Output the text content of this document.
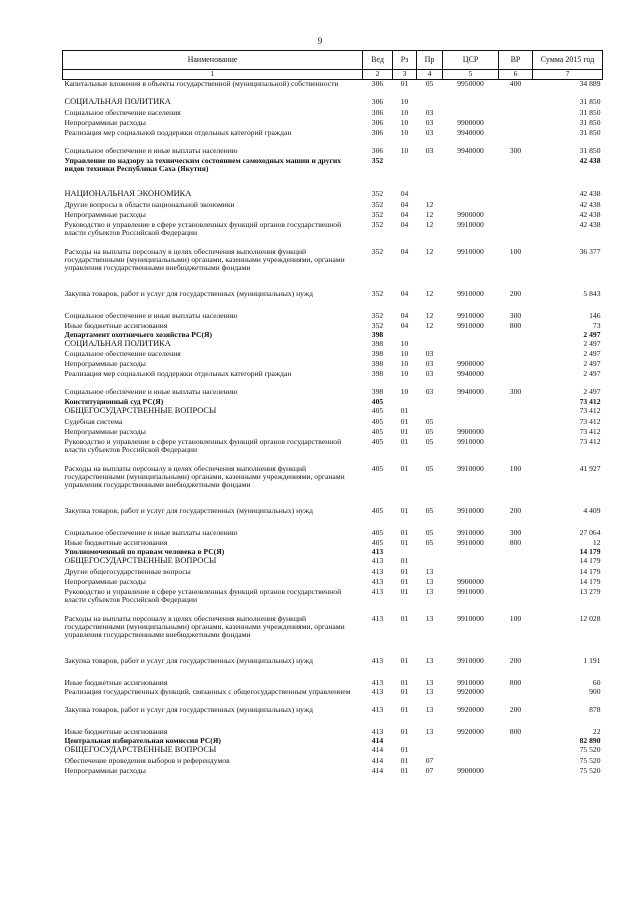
9
Наименование	Вед	Рз	Пр	ЦСР	ВР	Сумма 2015 год
1	2	3	4	5	6	7
Капитальные вложения в объекты государственной (муниципальной) собственности	306	01	05	9950000	400	34 889
СОЦИАЛЬНАЯ ПОЛИТИКА	306	10				31 850
Социальное обеспечение населения	306	10	03			31 850
Непрограммные расходы	306	10	03	9900000		31 850
Реализация мер социальной поддержки отдельных категорий граждан	306	10	03	9940000		31 850
Социальное обеспечение и иные выплаты населению	306	10	03	9940000	300	31 850
Управление по надзору за техническим состоянием самоходных машин и других видов техники Республики Саха (Якутия)	352					42 438
НАЦИОНАЛЬНАЯ ЭКОНОМИКА	352	04				42 438
Другие вопросы в области национальной экономики	352	04	12			42 438
Непрограммные расходы	352	04	12	9900000		42 438
Руководство и управление в сфере установленных функций органов государственной власти субъектов Российской Федерации	352	04	12	9910000		42 438
Расходы на выплаты персоналу в целях обеспечения выполнения функций государственными (муниципальными) органами, казенными учреждениями, органами управления государственными внебюджетными фондами	352	04	12	9910000	100	36 377
Закупка товаров, работ и услуг для государственных (муниципальных) нужд	352	04	12	9910000	200	5 843
Социальное обеспечение и иные выплаты населению	352	04	12	9910000	300	146
Иные бюджетные ассигнования	352	04	12	9910000	800	73
Департамент охотничьего хозяйства РС(Я)	398					2 497
СОЦИАЛЬНАЯ ПОЛИТИКА	398	10				2 497
Социальное обеспечение населения	398	10	03			2 497
Непрограммные расходы	398	10	03	9900000		2 497
Реализация мер социальной поддержки отдельных категорий граждан	398	10	03	9940000		2 497
Социальное обеспечение и иные выплаты населению	398	10	03	9940000	300	2 497
Конституционный суд РС(Я)	405					73 412
ОБЩЕГОСУДАРСТВЕННЫЕ ВОПРОСЫ	405	01				73 412
Судебная система	405	01	05			73 412
Непрограммные расходы	405	01	05	9900000		73 412
Руководство и управление в сфере установленных функций органов государственной власти субъектов Российской Федерации	405	01	05	9910000		73 412
Расходы на выплаты персоналу в целях обеспечения выполнения функций государственными (муниципальными) органами, казенными учреждениями, органами управления государственными внебюджетными фондами	405	01	05	9910000	100	41 927
Закупка товаров, работ и услуг для государственных (муниципальных) нужд	405	01	05	9910000	200	4 409
Социальное обеспечение и иные выплаты населению	405	01	05	9910000	300	27 064
Иные бюджетные ассигнования	405	01	05	9910000	800	12
Уполномоченный по правам человека в РС(Я)	413					14 179
ОБЩЕГОСУДАРСТВЕННЫЕ ВОПРОСЫ	413	01				14 179
Другие общегосударственные вопросы	413	01	13			14 179
Непрограммные расходы	413	01	13	9900000		14 179
Руководство и управление в сфере установленных функций органов государственной власти субъектов Российской Федерации	413	01	13	9910000		13 279
Расходы на выплаты персоналу в целях обеспечения выполнения функций государственными (муниципальными) органами, казенными учреждениями, органами управления государственными внебюджетными фондами	413	01	13	9910000	100	12 028
Закупка товаров, работ и услуг для государственных (муниципальных) нужд	413	01	13	9910000	200	1 191
Иные бюджетные ассигнования	413	01	13	9910000	800	60
Реализация государственных функций, связанных с общегосударственным управлением	413	01	13	9920000		900
Закупка товаров, работ и услуг для государственных (муниципальных) нужд	413	01	13	9920000	200	878
Иные бюджетные ассигнования	413	01	13	9920000	800	22
Центральная избирательная комиссия РС(Я)	414					82 890
ОБЩЕГОСУДАРСТВЕННЫЕ ВОПРОСЫ	414	01				75 520
Обеспечение проведения выборов и референдумов	414	01	07			75 520
Непрограммные расходы	414	01	07	9900000		75 520
